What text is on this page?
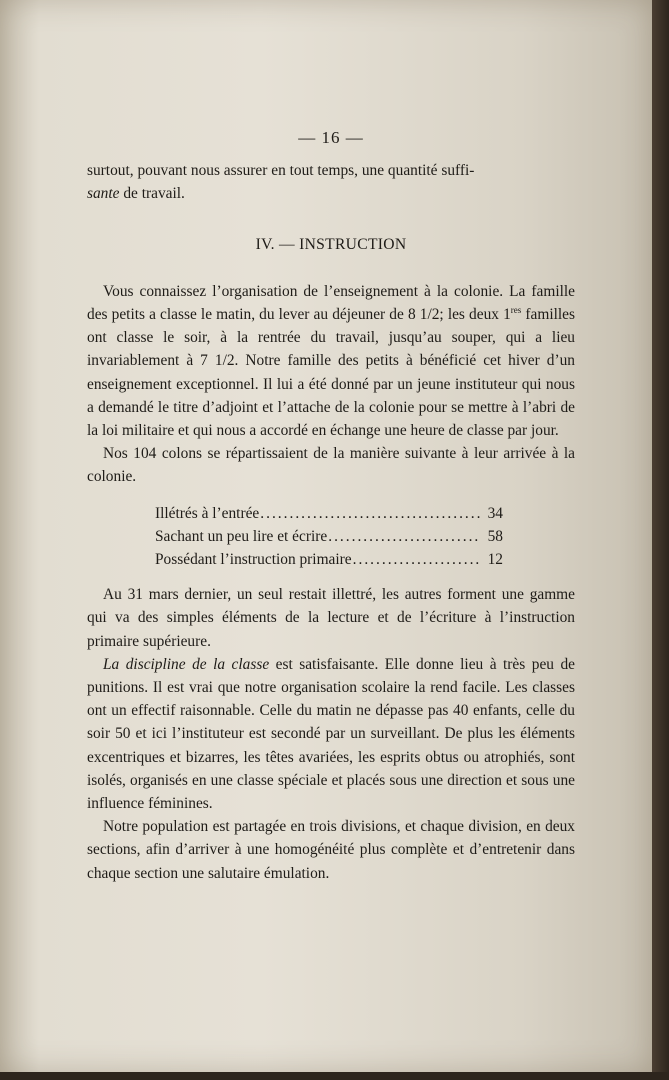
— 16 —

surtout, pouvant nous assurer en tout temps, une quantité suffi-
sante de travail.

IV. — INSTRUCTION

Vous connaissez l’organisation de l’enseignement à la colonie. La famille des petits a classe le matin, du lever au déjeuner de 8 1/2; les deux 1res familles ont classe le soir, à la rentrée du travail, jusqu’au souper, qui a lieu invariablement à 7 1/2. Notre famille des petits à bénéficié cet hiver d’un enseignement exceptionnel. Il lui a été donné par un jeune instituteur qui nous a demandé le titre d’adjoint et l’attache de la colonie pour se mettre à l’abri de la loi militaire et qui nous a accordé en échange une heure de classe par jour.

Nos 104 colons se répartissaient de la manière suivante à leur arrivée à la colonie.

Illétrés à l’entrée .....	34
Sachant un peu lire et écrire .....	58
Possédant l’instruction primaire .....	12

Au 31 mars dernier, un seul restait illettré, les autres forment une gamme qui va des simples éléments de la lecture et de l’écriture à l’instruction primaire supérieure.

La discipline de la classe est satisfaisante. Elle donne lieu à très peu de punitions. Il est vrai que notre organisation scolaire la rend facile. Les classes ont un effectif raisonnable. Celle du matin ne dépasse pas 40 enfants, celle du soir 50 et ici l’instituteur est secondé par un surveillant. De plus les éléments excentriques et bizarres, les têtes avariées, les esprits obtus ou atrophiés, sont isolés, organisés en une classe spéciale et placés sous une direction et sous une influence féminines.

Notre population est partagée en trois divisions, et chaque division, en deux sections, afin d’arriver à une homogénéité plus complète et d’entretenir dans chaque section une salutaire émulation.
